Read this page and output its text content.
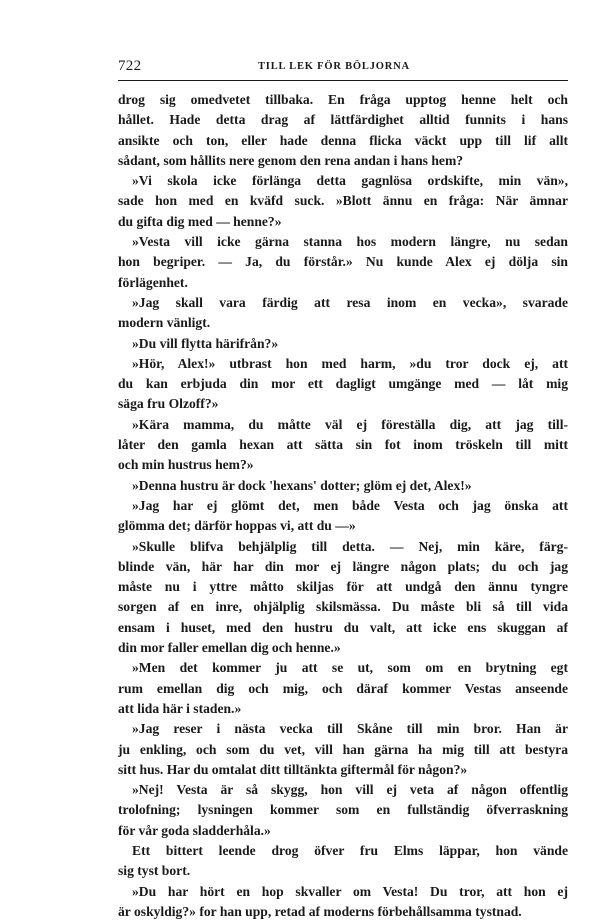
722	TILL LEK FÖR BÖLJORNA
drog sig omedvetet tillbaka. En fråga upptog henne helt och
hållet. Hade detta drag af lättfärdighet alltid funnits i hans
ansikte och ton, eller hade denna flicka väckt upp till lif allt
sådant, som hållits nere genom den rena andan i hans hem?
»Vi skola icke förlänga detta gagnlösa ordskifte, min vän»,
sade hon med en kväfd suck. »Blott ännu en fråga: När ämnar
du gifta dig med — henne?»
»Vesta vill icke gärna stanna hos modern längre, nu sedan
hon begriper. — Ja, du förstår.» Nu kunde Alex ej dölja sin
förlägenhet.
»Jag skall vara färdig att resa inom en vecka», svarade
modern vänligt.
»Du vill flytta härifrån?»
»Hör, Alex!» utbrast hon med harm, »du tror dock ej, att
du kan erbjuda din mor ett dagligt umgänge med — låt mig
säga fru Olzoff?»
»Kära mamma, du måtte väl ej föreställa dig, att jag till-
låter den gamla hexan att sätta sin fot inom tröskeln till mitt
och min hustrus hem?»
»Denna hustru är dock 'hexans' dotter; glöm ej det, Alex!»
»Jag har ej glömt det, men både Vesta och jag önska att
glömma det; därför hoppas vi, att du —»
»Skulle blifva behjälplig till detta. — Nej, min käre, färg-
blinde vän, här har din mor ej längre någon plats; du och jag
måste nu i yttre måtto skiljas för att undgå den ännu tyngre
sorgen af en inre, ohjälplig skilsmässa. Du måste bli så till vida
ensam i huset, med den hustru du valt, att icke ens skuggan af
din mor faller emellan dig och henne.»
»Men det kommer ju att se ut, som om en brytning egt
rum emellan dig och mig, och däraf kommer Vestas anseende
att lida här i staden.»
»Jag reser i nästa vecka till Skåne till min bror. Han är
ju enkling, och som du vet, vill han gärna ha mig till att bestyra
sitt hus. Har du omtalat ditt tilltänkta giftermål för någon?»
»Nej! Vesta är så skygg, hon vill ej veta af någon offentlig
trolofning; lysningen kommer som en fullständig öfverraskning
för vår goda sladderhåla.»
Ett bittert leende drog öfver fru Elms läppar, hon vände
sig tyst bort.
»Du har hört en hop skvaller om Vesta! Du tror, att hon ej
är oskyldig?» for han upp, retad af moderns förbehållsamma tystnad.
